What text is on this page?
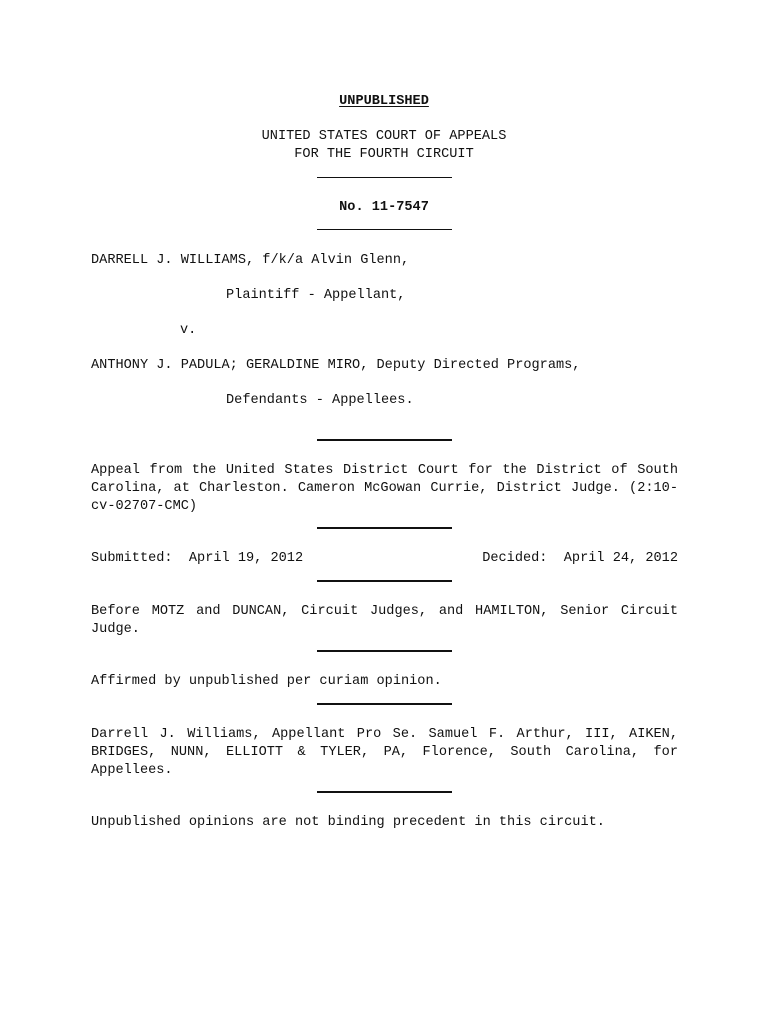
UNPUBLISHED
UNITED STATES COURT OF APPEALS
FOR THE FOURTH CIRCUIT
No. 11-7547
DARRELL J. WILLIAMS, f/k/a Alvin Glenn,
Plaintiff - Appellant,
v.
ANTHONY J. PADULA; GERALDINE MIRO, Deputy Directed Programs,
Defendants - Appellees.
Appeal from the United States District Court for the District of South Carolina, at Charleston. Cameron McGowan Currie, District Judge. (2:10-cv-02707-CMC)
Submitted:  April 19, 2012	Decided:  April 24, 2012
Before MOTZ and DUNCAN, Circuit Judges, and HAMILTON, Senior Circuit Judge.
Affirmed by unpublished per curiam opinion.
Darrell J. Williams, Appellant Pro Se. Samuel F. Arthur, III, AIKEN, BRIDGES, NUNN, ELLIOTT & TYLER, PA, Florence, South Carolina, for Appellees.
Unpublished opinions are not binding precedent in this circuit.
